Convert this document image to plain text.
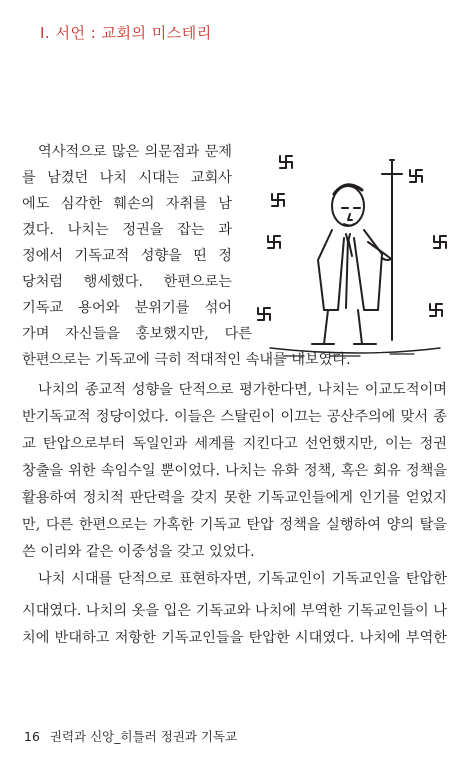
I. 서언 : 교회의 미스테리
역사적으로 많은 의문점과 문제
를 남겼던 나치 시대는 교회사
에도 심각한 훼손의 자취를 남
겼다. 나치는 정권을 잡는 과
정에서 기독교적 성향을 띤 정
당처럼 행세했다. 한편으로는
기독교 용어와 분위기를 섞어
가며 자신들을 홍보했지만, 다른
한편으로는 기독교에 극히 적대적인 속내를 내보였다.
나치의 종교적 성향을 단적으로 평가한다면, 나치는 이교도적이며
반기독교적 정당이었다. 이들은 스탈린이 이끄는 공산주의에 맞서 종
교 탄압으로부터 독일인과 세계를 지킨다고 선언했지만, 이는 정권
창출을 위한 속임수일 뿐이었다. 나치는 유화 정책, 혹은 회유 정책을
활용하여 정치적 판단력을 갖지 못한 기독교인들에게 인기를 얻었지
만, 다른 한편으로는 가혹한 기독교 탄압 정책을 실행하여 양의 탈을
쓴 이리와 같은 이중성을 갖고 있었다.
나치 시대를 단적으로 표현하자면, 기독교인이 기독교인을 탄압한
시대였다. 나치의 옷을 입은 기독교와 나치에 부역한 기독교인들이 나
치에 반대하고 저항한 기독교인들을 탄압한 시대였다. 나치에 부역한
16 권력과 신앙_히틀러 정권과 기독교
